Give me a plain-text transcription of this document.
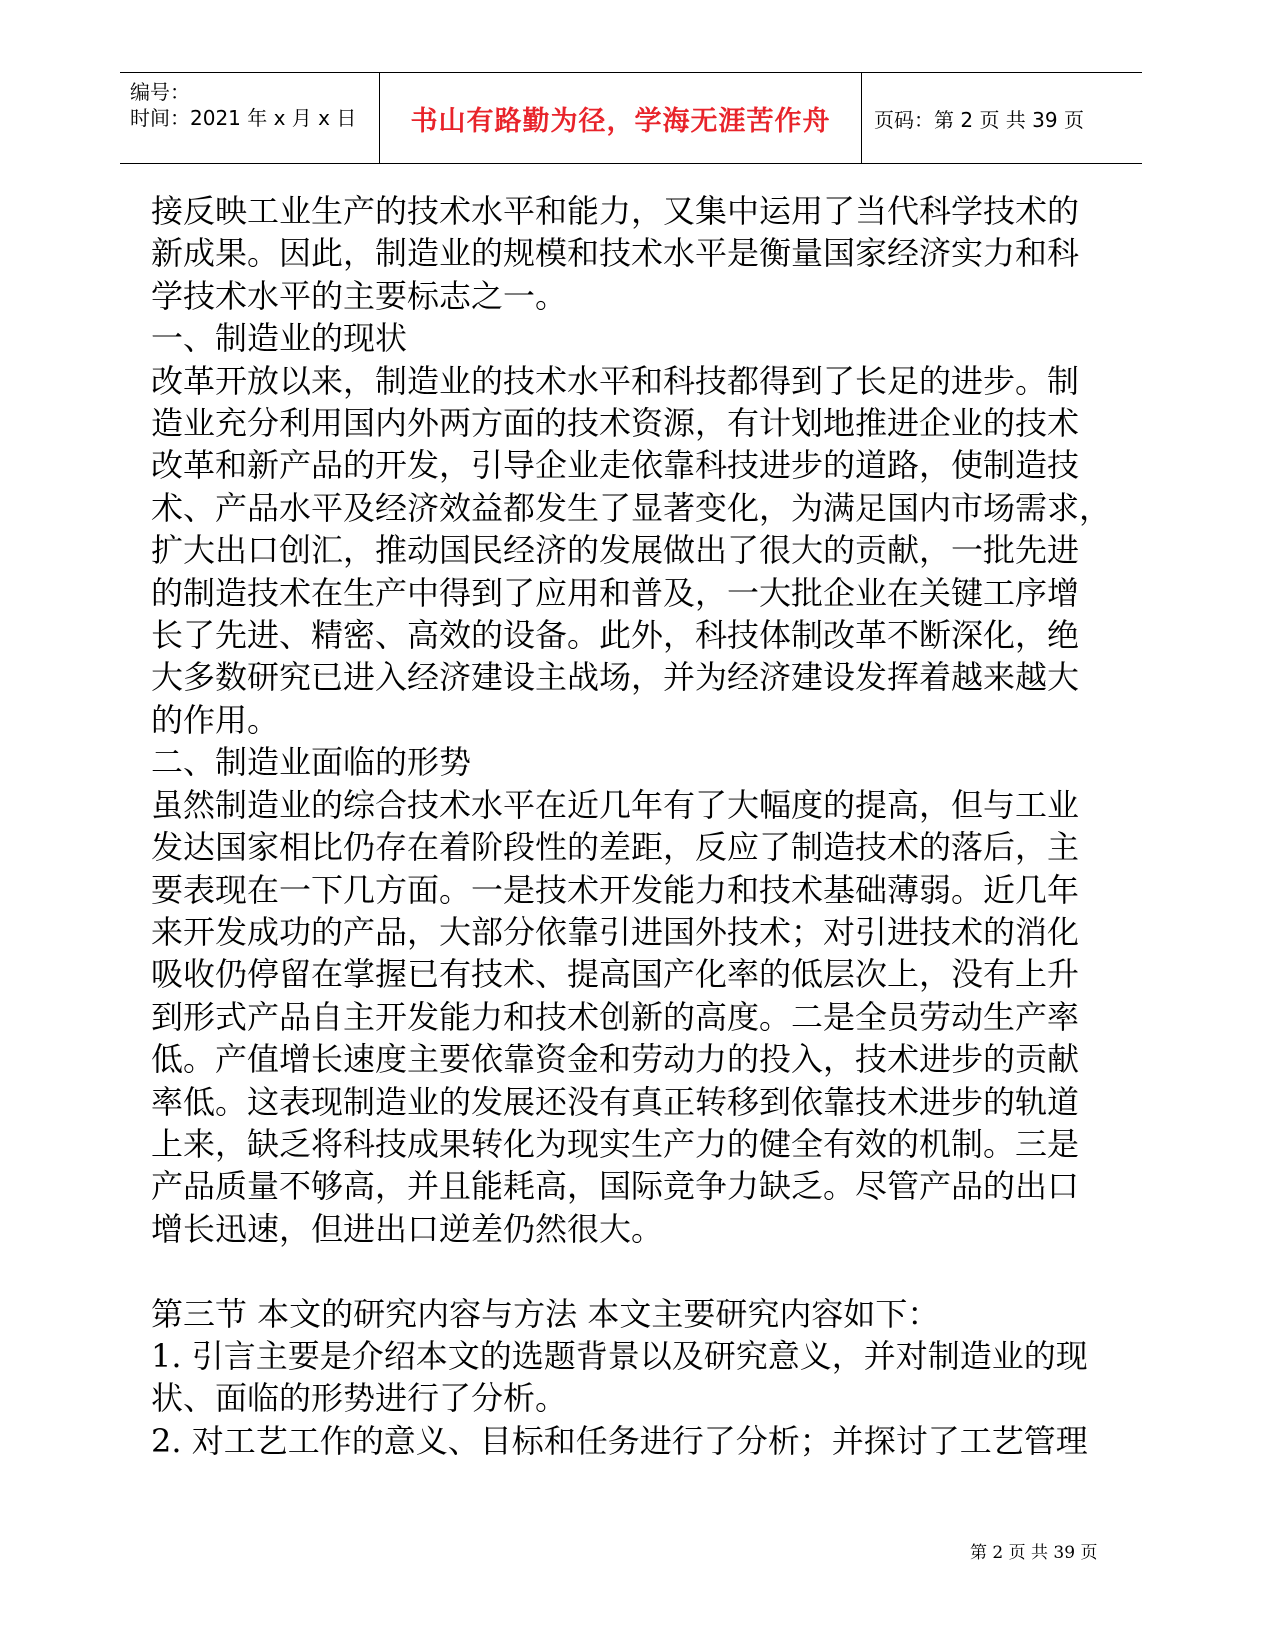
编号：
时间：2021 年 x 月 x 日	书山有路勤为径，学海无涯苦作舟 页码：第 2 页 共 39 页

接反映工业生产的技术水平和能力，又集中运用了当代科学技术的

新成果。因此，制造业的规模和技术水平是衡量国家经济实力和科

学技术水平的主要标志之一。

一、制造业的现状

改革开放以来，制造业的技术水平和科技都得到了长足的进步。制

造业充分利用国内外两方面的技术资源，有计划地推进企业的技术

改革和新产品的开发，引导企业走依靠科技进步的道路，使制造技

术、产品水平及经济效益都发生了显著变化，为满足国内市场需求，

扩大出口创汇，推动国民经济的发展做出了很大的贡献，一批先进

的制造技术在生产中得到了应用和普及，一大批企业在关键工序增

长了先进、精密、高效的设备。此外，科技体制改革不断深化，绝

大多数研究已进入经济建设主战场，并为经济建设发挥着越来越大

的作用。

二、制造业面临的形势

虽然制造业的综合技术水平在近几年有了大幅度的提高，但与工业

发达国家相比仍存在着阶段性的差距，反应了制造技术的落后，主

要表现在一下几方面。一是技术开发能力和技术基础薄弱。近几年

来开发成功的产品，大部分依靠引进国外技术；对引进技术的消化

吸收仍停留在掌握已有技术、提高国产化率的低层次上，没有上升

到形式产品自主开发能力和技术创新的高度。二是全员劳动生产率

低。产值增长速度主要依靠资金和劳动力的投入，技术进步的贡献

率低。这表现制造业的发展还没有真正转移到依靠技术进步的轨道

上来，缺乏将科技成果转化为现实生产力的健全有效的机制。三是

产品质量不够高，并且能耗高，国际竞争力缺乏。尽管产品的出口

增长迅速，但进出口逆差仍然很大。

第三节 本文的研究内容与方法 本文主要研究内容如下：

1. 引言主要是介绍本文的选题背景以及研究意义，并对制造业的现

状、面临的形势进行了分析。

2. 对工艺工作的意义、目标和任务进行了分析；并探讨了工艺管理

第 2 页 共 39 页
